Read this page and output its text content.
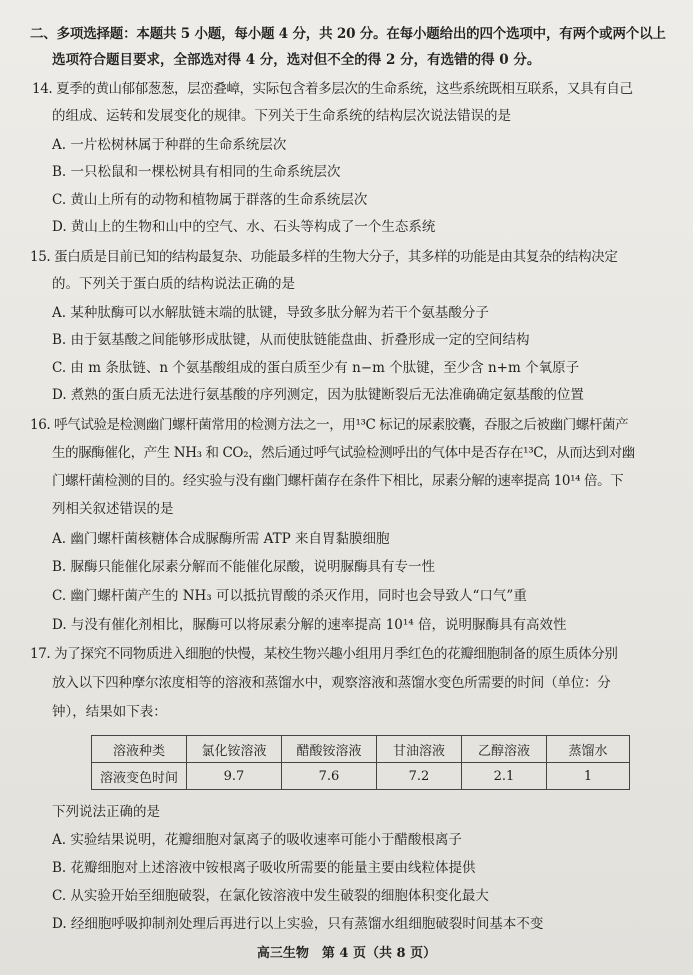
二、多项选择题：本题共 5 小题，每小题 4 分，共 20 分。在每小题给出的四个选项中，有两个或两个以上
选项符合题目要求，全部选对得 4 分，选对但不全的得 2 分，有选错的得 0 分。
14. 夏季的黄山郁郁葱葱，层峦叠嶂，实际包含着多层次的生命系统，这些系统既相互联系，又具有自己
的组成、运转和发展变化的规律。下列关于生命系统的结构层次说法错误的是
A. 一片松树林属于种群的生命系统层次
B. 一只松鼠和一棵松树具有相同的生命系统层次
C. 黄山上所有的动物和植物属于群落的生命系统层次
D. 黄山上的生物和山中的空气、水、石头等构成了一个生态系统
15. 蛋白质是目前已知的结构最复杂、功能最多样的生物大分子，其多样的功能是由其复杂的结构决定
的。下列关于蛋白质的结构说法正确的是
A. 某种肽酶可以水解肽链末端的肽键，导致多肽分解为若干个氨基酸分子
B. 由于氨基酸之间能够形成肽键，从而使肽链能盘曲、折叠形成一定的空间结构
C. 由 m 条肽链、n 个氨基酸组成的蛋白质至少有 n−m 个肽键，至少含 n+m 个氧原子
D. 煮熟的蛋白质无法进行氨基酸的序列测定，因为肽键断裂后无法准确确定氨基酸的位置
16. 呼气试验是检测幽门螺杆菌常用的检测方法之一，用¹³C 标记的尿素胶囊，吞服之后被幽门螺杆菌产
生的脲酶催化，产生 NH₃ 和 CO₂，然后通过呼气试验检测呼出的气体中是否存在¹³C，从而达到对幽
门螺杆菌检测的目的。经实验与没有幽门螺杆菌存在条件下相比，尿素分解的速率提高 10¹⁴ 倍。下
列相关叙述错误的是
A. 幽门螺杆菌核糖体合成脲酶所需 ATP 来自胃黏膜细胞
B. 脲酶只能催化尿素分解而不能催化尿酸，说明脲酶具有专一性
C. 幽门螺杆菌产生的 NH₃ 可以抵抗胃酸的杀灭作用，同时也会导致人“口气”重
D. 与没有催化剂相比，脲酶可以将尿素分解的速率提高 10¹⁴ 倍，说明脲酶具有高效性
17. 为了探究不同物质进入细胞的快慢，某校生物兴趣小组用月季红色的花瓣细胞制备的原生质体分别
放入以下四种摩尔浓度相等的溶液和蒸馏水中，观察溶液和蒸馏水变色所需要的时间（单位：分
钟），结果如下表：
溶液种类	氯化铵溶液	醋酸铵溶液	甘油溶液	乙醇溶液	蒸馏水
溶液变色时间	9.7	7.6	7.2	2.1	1
下列说法正确的是
A. 实验结果说明，花瓣细胞对氯离子的吸收速率可能小于醋酸根离子
B. 花瓣细胞对上述溶液中铵根离子吸收所需要的能量主要由线粒体提供
C. 从实验开始至细胞破裂，在氯化铵溶液中发生破裂的细胞体积变化最大
D. 经细胞呼吸抑制剂处理后再进行以上实验，只有蒸馏水组细胞破裂时间基本不变
高三生物　第 4 页（共 8 页）
